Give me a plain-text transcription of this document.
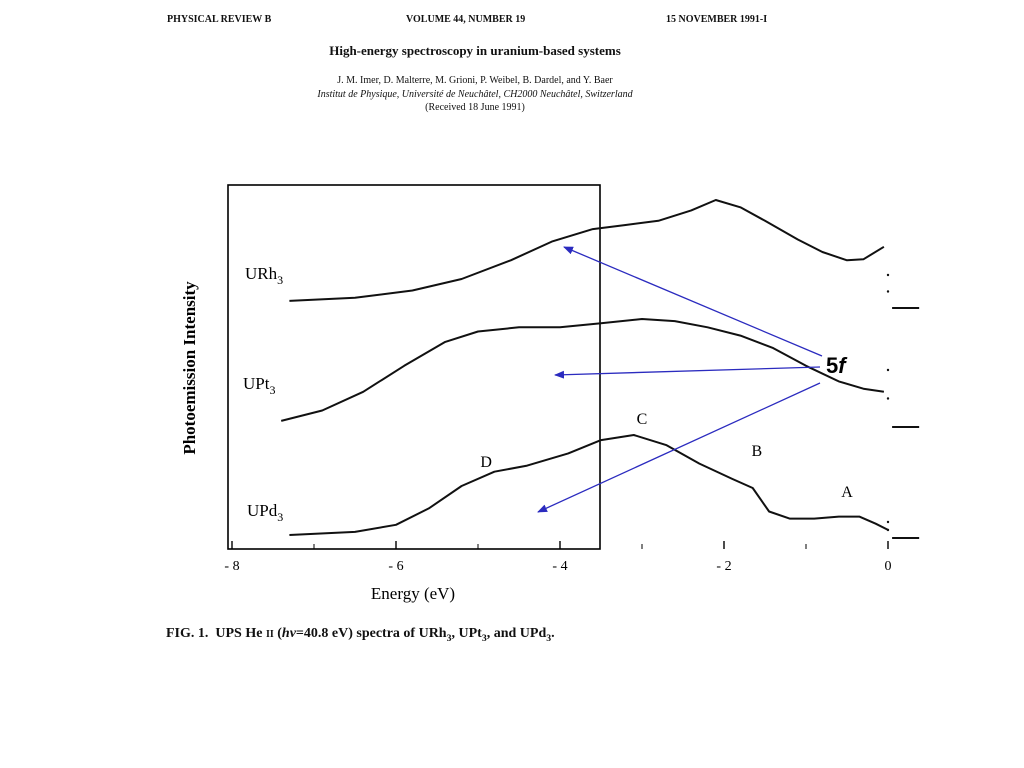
PHYSICAL REVIEW B	VOLUME 44, NUMBER 19	15 NOVEMBER 1991-I
High-energy spectroscopy in uranium-based systems
J. M. Imer, D. Malterre, M. Grioni, P. Weibel, B. Dardel, and Y. Baer
Institut de Physique, Université de Neuchâtel, CH2000 Neuchâtel, Switzerland
(Received 18 June 1991)
- 8	- 6	- 4	- 2	0
Energy (eV)
Photoemission Intensity
URh$_3$
UPt$_3$
UPd$_3$
D
C
B
A
5f
FIG. 1. UPS He II (hν=40.8 eV) spectra of URh$_3$, UPt$_3$, and UPd$_3$.
